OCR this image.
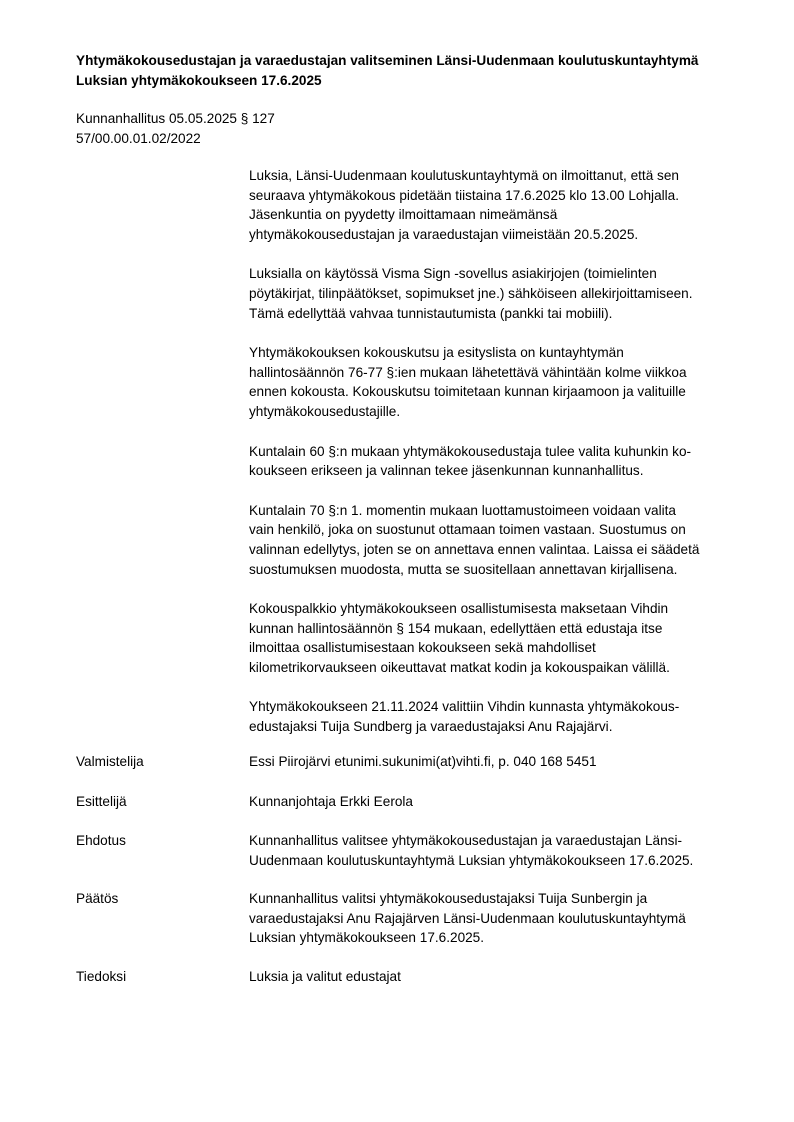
Yhtymäkokousedustajan ja varaedustajan valitseminen Länsi-Uudenmaan koulutuskuntayhtymä
Luksian yhtymäkokoukseen 17.6.2025
Kunnanhallitus 05.05.2025 § 127
57/00.00.01.02/2022
Luksia, Länsi-Uudenmaan koulutuskuntayhtymä on ilmoittanut, että sen
seuraava yhtymäkokous pidetään tiistaina 17.6.2025 klo 13.00 Lohjalla.
Jäsenkuntia on pyydetty ilmoittamaan nimeämänsä
yhtymäkokousedustajan ja varaedustajan viimeistään 20.5.2025.
Luksialla on käytössä Visma Sign -sovellus asiakirjojen (toimielinten
pöytäkirjat, tilinpäätökset, sopimukset jne.) sähköiseen allekirjoittamiseen.
Tämä edellyttää vahvaa tunnistautumista (pankki tai mobiili).
Yhtymäkokouksen kokouskutsu ja esityslista on kuntayhtymän
hallintosäännön 76-77 §:ien mukaan lähetettävä vähintään kolme viikkoa
ennen kokousta. Kokouskutsu toimitetaan kunnan kirjaamoon ja valituille
yhtymäkokousedustajille.
Kuntalain 60 §:n mukaan yhtymäkokousedustaja tulee valita kuhunkin ko-
koukseen erikseen ja valinnan tekee jäsenkunnan kunnanhallitus.
Kuntalain 70 §:n 1. momentin mukaan luottamustoimeen voidaan valita
vain henkilö, joka on suostunut ottamaan toimen vastaan. Suostumus on
valinnan edellytys, joten se on annettava ennen valintaa. Laissa ei säädetä
suostumuksen muodosta, mutta se suositellaan annettavan kirjallisena.
Kokouspalkkio yhtymäkokoukseen osallistumisesta maksetaan Vihdin
kunnan hallintosäännön § 154 mukaan, edellyttäen että edustaja itse
ilmoittaa osallistumisestaan kokoukseen sekä mahdolliset
kilometrikorvaukseen oikeuttavat matkat kodin ja kokouspaikan välillä.
Yhtymäkokoukseen 21.11.2024 valittiin Vihdin kunnasta yhtymäkokous-
edustajaksi Tuija Sundberg ja varaedustajaksi Anu Rajajärvi.
Valmistelija	Essi Piirojärvi etunimi.sukunimi(at)vihti.fi, p. 040 168 5451
Esittelijä	Kunnanjohtaja Erkki Eerola
Ehdotus	Kunnanhallitus valitsee yhtymäkokousedustajan ja varaedustajan Länsi-
Uudenmaan koulutuskuntayhtymä Luksian yhtymäkokoukseen 17.6.2025.
Päätös	Kunnanhallitus valitsi yhtymäkokousedustajaksi Tuija Sunbergin ja
varaedustajaksi Anu Rajajärven Länsi-Uudenmaan koulutuskuntayhtymä
Luksian yhtymäkokoukseen 17.6.2025.
Tiedoksi	Luksia ja valitut edustajat
